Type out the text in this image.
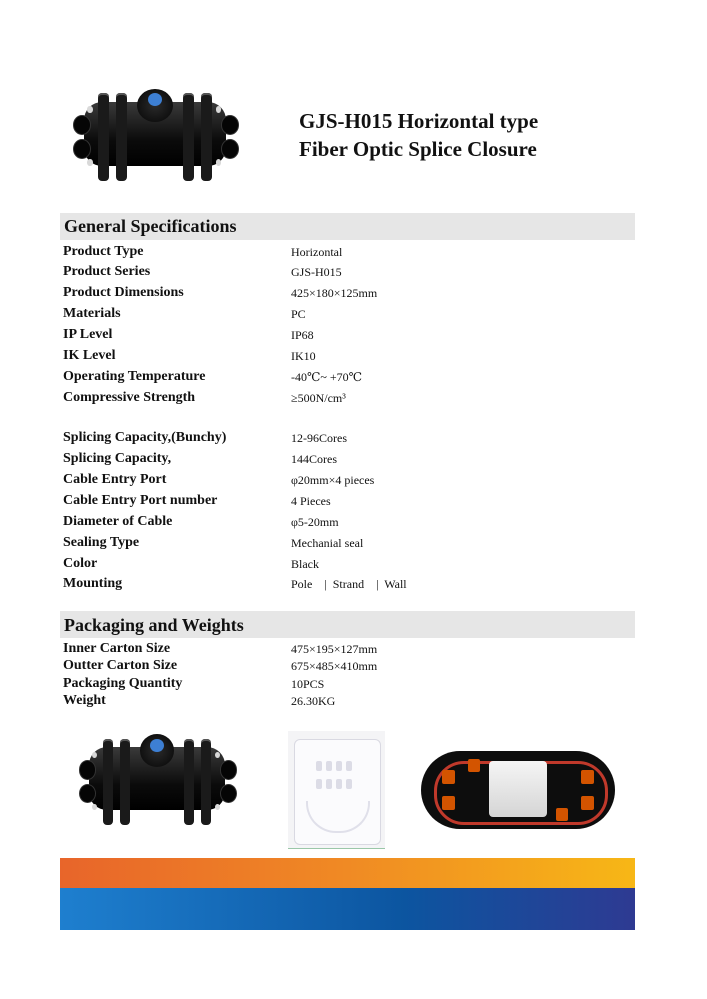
GJS-H015 Horizontal type
Fiber Optic Splice Closure
General Specifications
Product Type	Horizontal
Product Series	GJS-H015
Product Dimensions	425×180×125mm
Materials	PC
IP Level	IP68
IK Level	IK10
Operating Temperature	-40℃~ +70℃
Compressive Strength	≥500N/cm³
Splicing Capacity,(Bunchy)	12-96Cores
Splicing Capacity,	144Cores
Cable Entry Port	φ20mm×4 pieces
Cable Entry Port number	4 Pieces
Diameter of Cable	φ5-20mm
Sealing Type	Mechanial seal
Color	Black
Mounting	Pole    |  Strand    |  Wall
Packaging and Weights
Inner Carton Size	475×195×127mm
Outter Carton Size	675×485×410mm
Packaging Quantity	10PCS
Weight	26.30KG
